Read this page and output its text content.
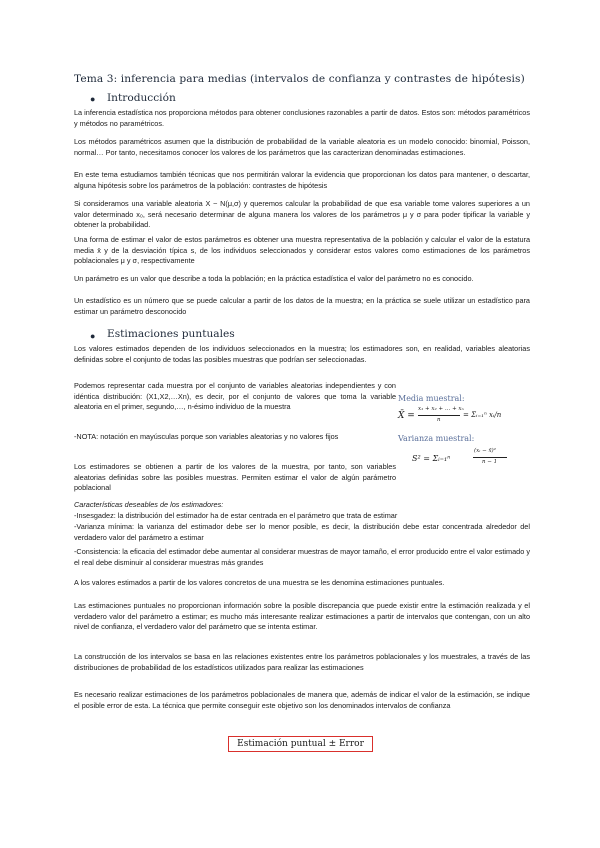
Tema 3: inferencia para medias (intervalos de confianza y contrastes de hipótesis)
● Introducción
La inferencia estadística nos proporciona métodos para obtener conclusiones razonables a partir de datos. Estos son: métodos paramétricos y métodos no paramétricos.
Los métodos paramétricos asumen que la distribución de probabilidad de la variable aleatoria es un modelo conocido: binomial, Poisson, normal… Por tanto, necesitamos conocer los valores de los parámetros que las caracterizan denominadas estimaciones.
En este tema estudiamos también técnicas que nos permitirán valorar la evidencia que proporcionan los datos para mantener, o descartar, alguna hipótesis sobre los parámetros de la población: contrastes de hipótesis
Si consideramos una variable aleatoria X ~ N(μ,σ) y queremos calcular la probabilidad de que esa variable tome valores superiores a un valor determinado x₀, será necesario determinar de alguna manera los valores de los parámetros μ y σ para poder tipificar la variable y obtener la probabilidad.
Una forma de estimar el valor de estos parámetros es obtener una muestra representativa de la población y calcular el valor de la estatura media x̄ y de la desviación típica s, de los individuos seleccionados y considerar estos valores como estimaciones de los parámetros poblacionales μ y σ, respectivamente
Un parámetro es un valor que describe a toda la población; en la práctica estadística el valor del parámetro no es conocido.
Un estadístico es un número que se puede calcular a partir de los datos de la muestra; en la práctica se suele utilizar un estadístico para estimar un parámetro desconocido
● Estimaciones puntuales
Los valores estimados dependen de los individuos seleccionados en la muestra; los estimadores son, en realidad, variables aleatorias definidas sobre el conjunto de todas las posibles muestras que podrían ser seleccionadas.
Podemos representar cada muestra por el conjunto de variables aleatorias independientes y con idéntica distribución: (X1,X2,…Xn), es decir, por el conjunto de valores que toma la variable aleatoria en el primer, segundo,…, n-ésimo individuo de la muestra
-NOTA: notación en mayúsculas porque son variables aleatorias y no valores fijos
Los estimadores se obtienen a partir de los valores de la muestra, por tanto, son variables aleatorias definidas sobre las posibles muestras. Permiten estimar el valor de algún parámetro poblacional
Media muestral:
X̄ =
x₁ + x₂ + … + xₙ
n
= Σᵢ₌₁ⁿ xᵢ/n
Varianza muestral:
S² = Σᵢ₌₁ⁿ
(xᵢ − x̄)²
n − 1
Características deseables de los estimadores:
-Insesgadez: la distribución del estimador ha de estar centrada en el parámetro que trata de estimar
-Varianza mínima: la varianza del estimador debe ser lo menor posible, es decir, la distribución debe estar concentrada alrededor del verdadero valor del parámetro a estimar
-Consistencia: la eficacia del estimador debe aumentar al considerar muestras de mayor tamaño, el error producido entre el valor estimado y el real debe disminuir al considerar muestras más grandes
A los valores estimados a partir de los valores concretos de una muestra se les denomina estimaciones puntuales.
Las estimaciones puntuales no proporcionan información sobre la posible discrepancia que puede existir entre la estimación realizada y el verdadero valor del parámetro a estimar; es mucho más interesante realizar estimaciones a partir de intervalos que contengan, con un alto nivel de confianza, el verdadero valor del parámetro que se intenta estimar.
La construcción de los intervalos se basa en las relaciones existentes entre los parámetros poblacionales y los muestrales, a través de las distribuciones de probabilidad de los estadísticos utilizados para realizar las estimaciones
Es necesario realizar estimaciones de los parámetros poblacionales de manera que, además de indicar el valor de la estimación, se indique el posible error de esta. La técnica que permite conseguir este objetivo son los denominados intervalos de confianza
Estimación puntual ± Error
